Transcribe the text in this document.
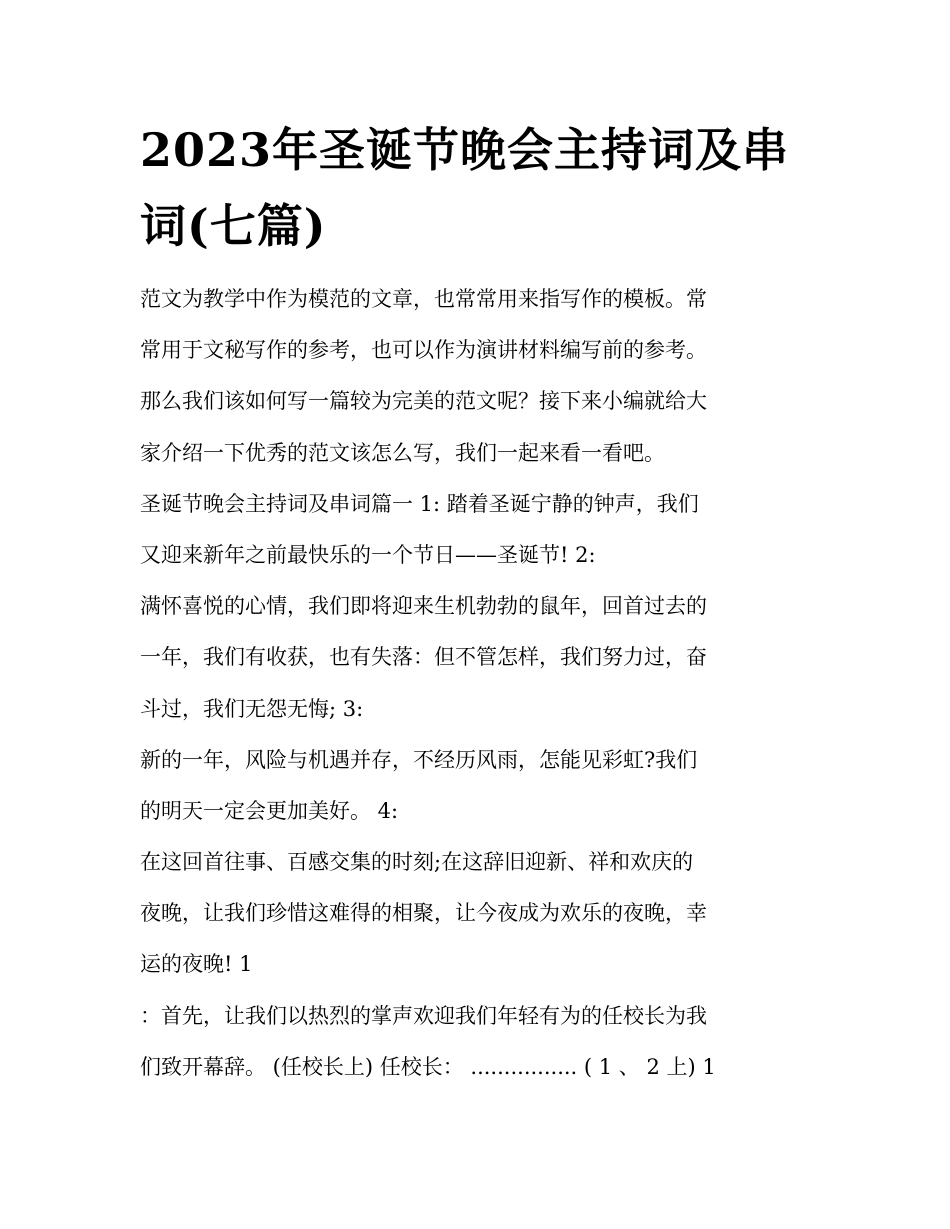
2023年圣诞节晚会主持词及串词(七篇)
范文为教学中作为模范的文章，也常常用来指写作的模板。常
常用于文秘写作的参考，也可以作为演讲材料编写前的参考。
那么我们该如何写一篇较为完美的范文呢？接下来小编就给大
家介绍一下优秀的范文该怎么写，我们一起来看一看吧。
圣诞节晚会主持词及串词篇一 1: 踏着圣诞宁静的钟声，我们
又迎来新年之前最快乐的一个节日——圣诞节! 2:
满怀喜悦的心情，我们即将迎来生机勃勃的鼠年，回首过去的
一年，我们有收获，也有失落：但不管怎样，我们努力过，奋
斗过，我们无怨无悔; 3:
新的一年，风险与机遇并存，不经历风雨，怎能见彩虹?我们
的明天一定会更加美好。 4:
在这回首往事、百感交集的时刻;在这辞旧迎新、祥和欢庆的
夜晚，让我们珍惜这难得的相聚，让今夜成为欢乐的夜晚，幸
运的夜晚! 1
：首先，让我们以热烈的掌声欢迎我们年轻有为的任校长为我
们致开幕辞。 (任校长上) 任校长： ................ ( 1 、 2 上) 1
